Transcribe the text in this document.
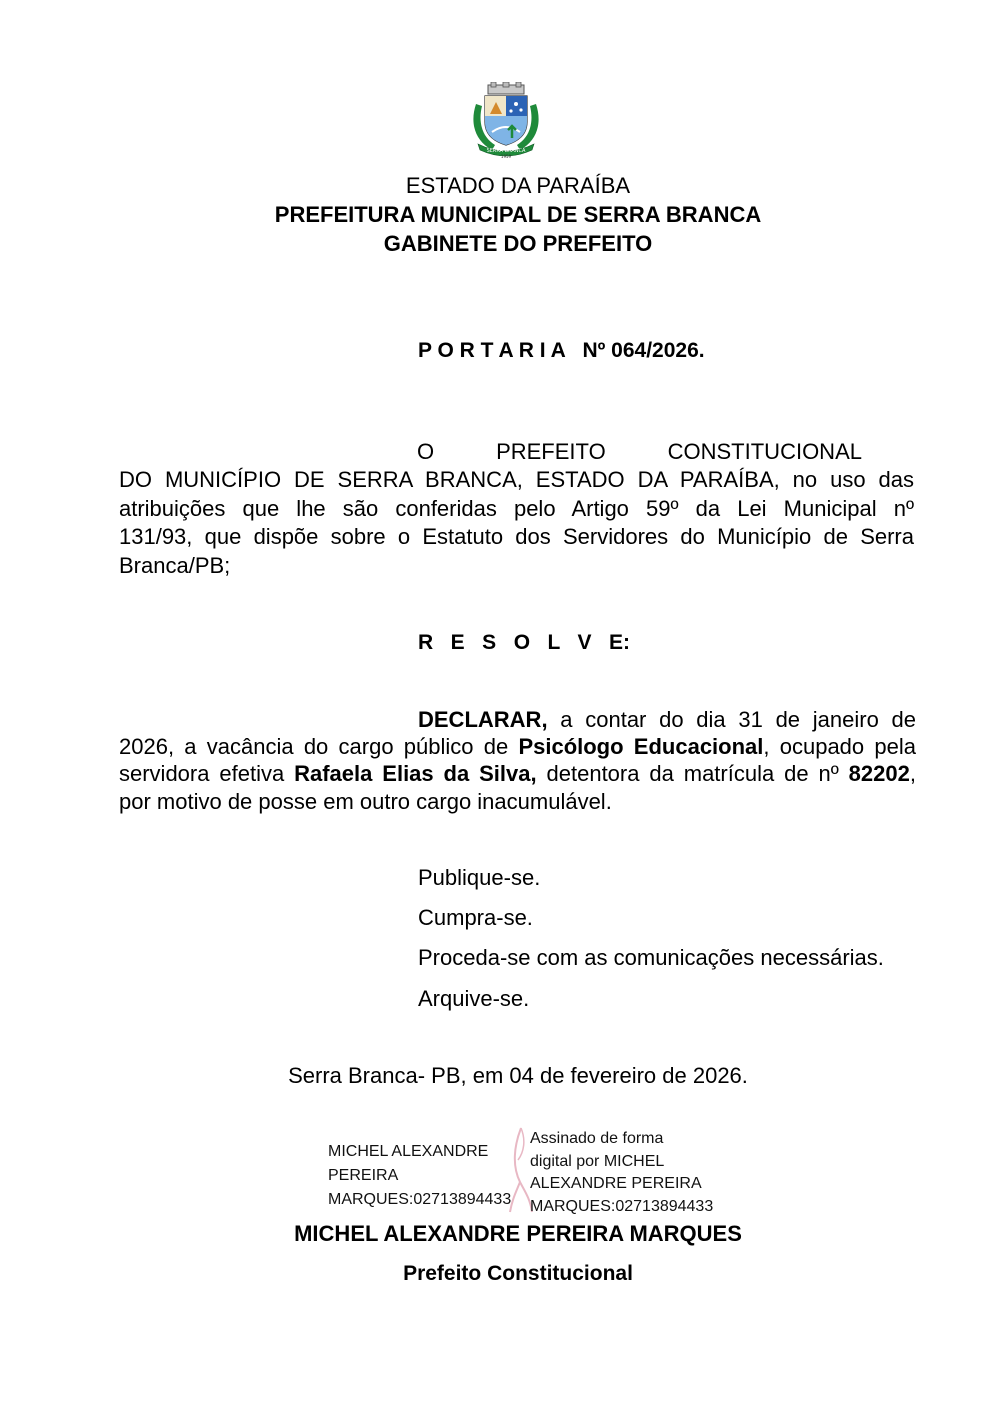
SERRA BRANCA
1959
ESTADO DA PARAÍBA
PREFEITURA MUNICIPAL DE SERRA BRANCA
GABINETE DO PREFEITO
P O R T A R I A   Nº 064/2026.
O	PREFEITO	CONSTITUCIONAL
DO MUNICÍPIO DE SERRA BRANCA, ESTADO DA PARAÍBA, no uso das
atribuições que lhe são conferidas pelo Artigo 59º da Lei Municipal nº
131/93, que dispõe sobre o Estatuto dos Servidores do Município de Serra
Branca/PB;
R   E   S   O   L   V   E:
DECLARAR, a contar do dia 31 de janeiro de
2026, a vacância do cargo público de Psicólogo Educacional, ocupado pela
servidora efetiva Rafaela Elias da Silva, detentora da matrícula de nº 82202,
por motivo de posse em outro cargo inacumulável.
Publique-se.
Cumpra-se.
Proceda-se com as comunicações necessárias.
Arquive-se.
Serra Branca- PB, em 04 de fevereiro de 2026.
MICHEL ALEXANDRE
PEREIRA
MARQUES:02713894433
Assinado de forma
digital por MICHEL
ALEXANDRE PEREIRA
MARQUES:02713894433
MICHEL ALEXANDRE PEREIRA MARQUES
Prefeito Constitucional
